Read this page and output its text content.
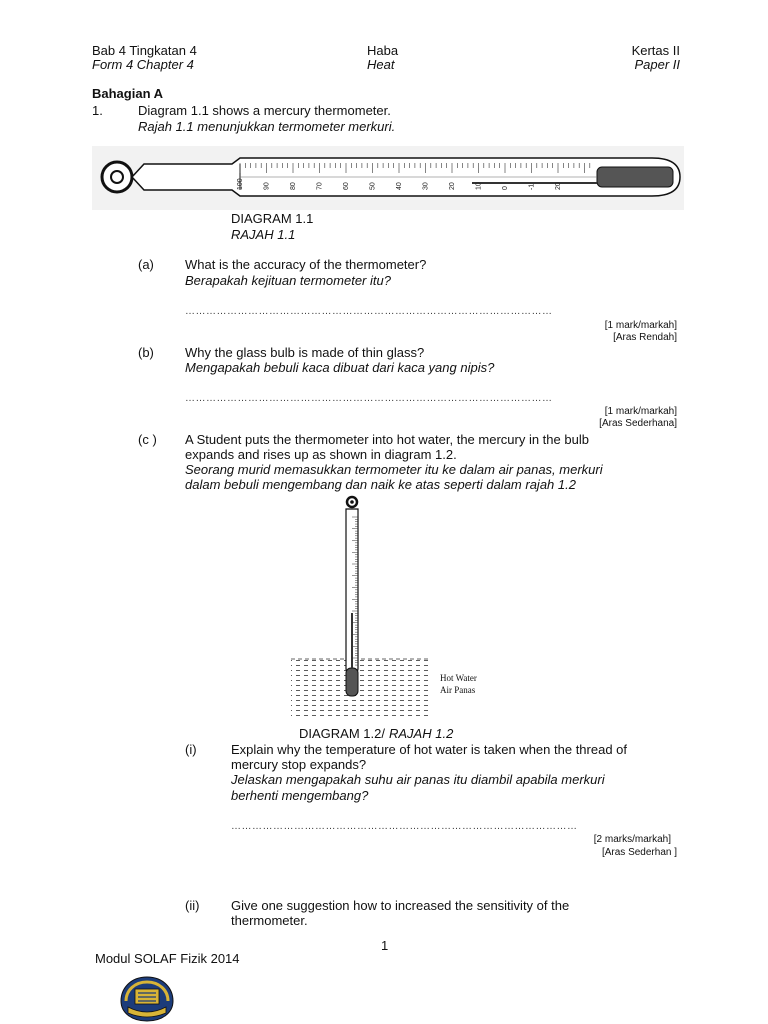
Bab 4 Tingkatan 4
Form 4 Chapter 4
Haba
Heat
Kertas II
Paper II
Bahagian A
1.	Diagram 1.1 shows a mercury thermometer.
Rajah 1.1 menunjukkan termometer merkuri.
100	90	80	70	60	50	40	30	20	10	0	-1	20
DIAGRAM 1.1
RAJAH 1.1
(a) What is the accuracy of the thermometer?
Berapakah kejituan termometer itu?
……………………………………………………………………………………………
[1 mark/markah]
[Aras Rendah]
(b) Why the glass bulb is made of thin glass?
Mengapakah bebuli kaca dibuat dari kaca yang nipis?
……………………………………………………………………………………………
[1 mark/markah]
[Aras Sederhana]
(c ) A Student puts the thermometer into hot water, the mercury in the bulb
expands and rises up as shown in diagram 1.2.
Seorang murid memasukkan termometer itu ke dalam air panas, merkuri
dalam bebuli mengembang dan naik ke atas seperti dalam rajah 1.2
Hot Water
Air Panas
DIAGRAM 1.2/ RAJAH 1.2
(i)	Explain why the temperature of hot water is taken when the thread of
mercury stop expands?
Jelaskan mengapakah suhu air panas itu diambil apabila merkuri
berhenti mengembang?
………………………………………………………………………………………
[2 marks/markah]
[Aras Sederhan ]
(ii) Give one suggestion how to increased the sensitivity of the
thermometer.
1
Modul SOLAF Fizik 2014
